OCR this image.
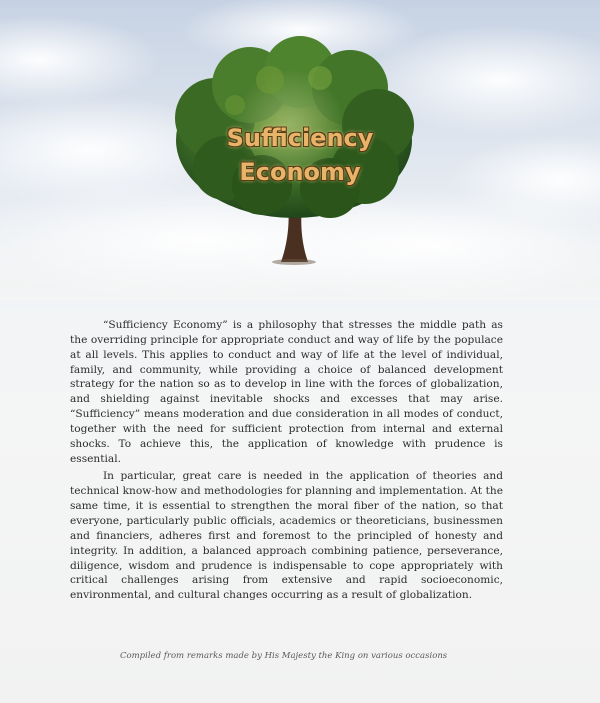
Sufficiency
Economy

“Sufficiency Economy” is a philosophy that stresses the middle path as the overriding principle for appropriate conduct and way of life by the populace at all levels. This applies to conduct and way of life at the level of individual, family, and community, while providing a choice of balanced development strategy for the nation so as to develop in line with the forces of globalization, and shielding against inevitable shocks and excesses that may arise. “Sufficiency” means moderation and due consideration in all modes of conduct, together with the need for sufficient protection from internal and external shocks. To achieve this, the application of knowledge with prudence is essential.

In particular, great care is needed in the application of theories and technical know-how and methodologies for planning and implementation. At the same time, it is essential to strengthen the moral fiber of the nation, so that everyone, particularly public officials, academics or theoreticians, businessmen and financiers, adheres first and foremost to the principled of honesty and integrity. In addition, a balanced approach combining patience, perseverance, diligence, wisdom and prudence is indispensable to cope appropriately with critical challenges arising from extensive and rapid socioeconomic, environmental, and cultural changes occurring as a result of globalization.

Compiled from remarks made by His Majesty the King on various occasions
